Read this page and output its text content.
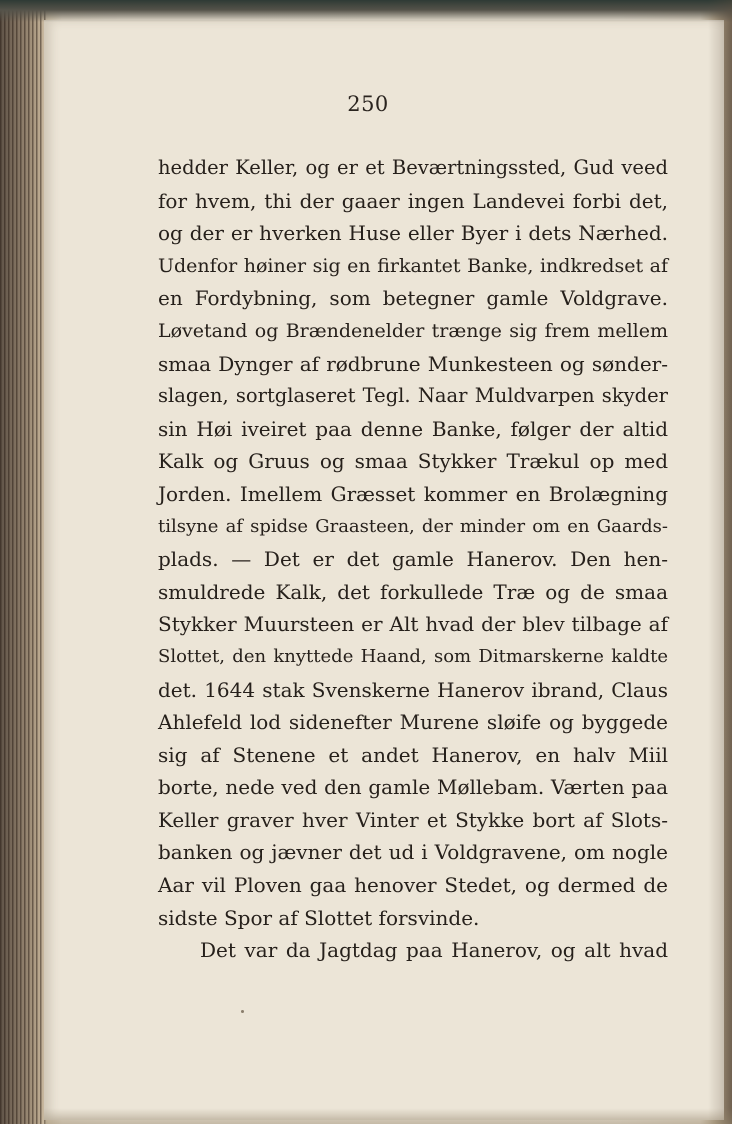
250
hedder Keller, og er et Beværtningssted, Gud veed
for hvem, thi der gaaer ingen Landevei forbi det,
og der er hverken Huse eller Byer i dets Nærhed.
Udenfor høiner sig en firkantet Banke, indkredset af
en Fordybning, som betegner gamle Voldgrave.
Løvetand og Brændenelder trænge sig frem mellem
smaa Dynger af rødbrune Munkesteen og sønder-
slagen, sortglaseret Tegl. Naar Muldvarpen skyder
sin Høi iveiret paa denne Banke, følger der altid
Kalk og Gruus og smaa Stykker Trækul op med
Jorden. Imellem Græsset kommer en Brolægning
tilsyne af spidse Graasteen, der minder om en Gaards-
plads. — Det er det gamle Hanerov. Den hen-
smuldrede Kalk, det forkullede Træ og de smaa
Stykker Muursteen er Alt hvad der blev tilbage af
Slottet, den knyttede Haand, som Ditmarskerne kaldte
det. 1644 stak Svenskerne Hanerov ibrand, Claus
Ahlefeld lod sidenefter Murene sløife og byggede
sig af Stenene et andet Hanerov, en halv Miil
borte, nede ved den gamle Møllebam. Værten paa
Keller graver hver Vinter et Stykke bort af Slots-
banken og jævner det ud i Voldgravene, om nogle
Aar vil Ploven gaa henover Stedet, og dermed de
sidste Spor af Slottet forsvinde.
Det var da Jagtdag paa Hanerov, og alt hvad
